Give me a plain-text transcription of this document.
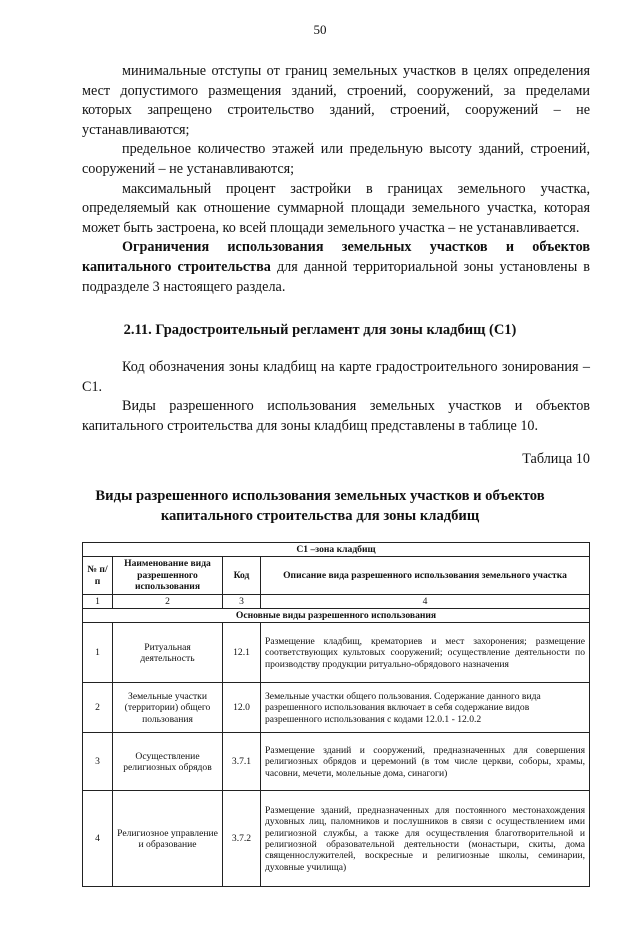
50

минимальные отступы от границ земельных участков в целях определения мест допустимого размещения зданий, строений, сооружений, за пределами которых запрещено строительство зданий, строений, сооружений – не устанавливаются;

предельное количество этажей или предельную высоту зданий, строений, сооружений – не устанавливаются;

максимальный процент застройки в границах земельного участка, определяемый как отношение суммарной площади земельного участка, которая может быть застроена, ко всей площади земельного участка – не устанавливается.

Ограничения использования земельных участков и объектов капитального строительства для данной территориальной зоны установлены в подразделе 3 настоящего раздела.

2.11. Градостроительный регламент для зоны кладбищ (С1)

Код обозначения зоны кладбищ на карте градостроительного зонирования – С1.

Виды разрешенного использования земельных участков и объектов капитального строительства для зоны кладбищ представлены в таблице 10.

Таблица 10
Виды разрешенного использования земельных участков и объектов капитального строительства для зоны кладбищ
С1 –зона кладбищ			
№ п/п	Наименование вида разрешенного использования	Код	Описание вида разрешенного использования земельного участка
1	2	3	4
Основные виды разрешенного использования			
1	Ритуальная деятельность	12.1	Размещение кладбищ, крематориев и мест захоронения; размещение соответствующих культовых сооружений; осуществление деятельности по производству продукции ритуально-обрядового назначения
2	Земельные участки (территории) общего пользования	12.0	Земельные участки общего пользования. Содержание данного вида разрешенного использования включает в себя содержание видов разрешенного использования с кодами 12.0.1 - 12.0.2
3	Осуществление религиозных обрядов	3.7.1	Размещение зданий и сооружений, предназначенных для совершения религиозных обрядов и церемоний (в том числе церкви, соборы, храмы, часовни, мечети, молельные дома, синагоги)
4	Религиозное управление и образование	3.7.2	Размещение зданий, предназначенных для постоянного местонахождения духовных лиц, паломников и послушников в связи с осуществлением ими религиозной службы, а также для осуществления благотворительной и религиозной образовательной деятельности (монастыри, скиты, дома священнослужителей, воскресные и религиозные школы, семинарии, духовные училища)
